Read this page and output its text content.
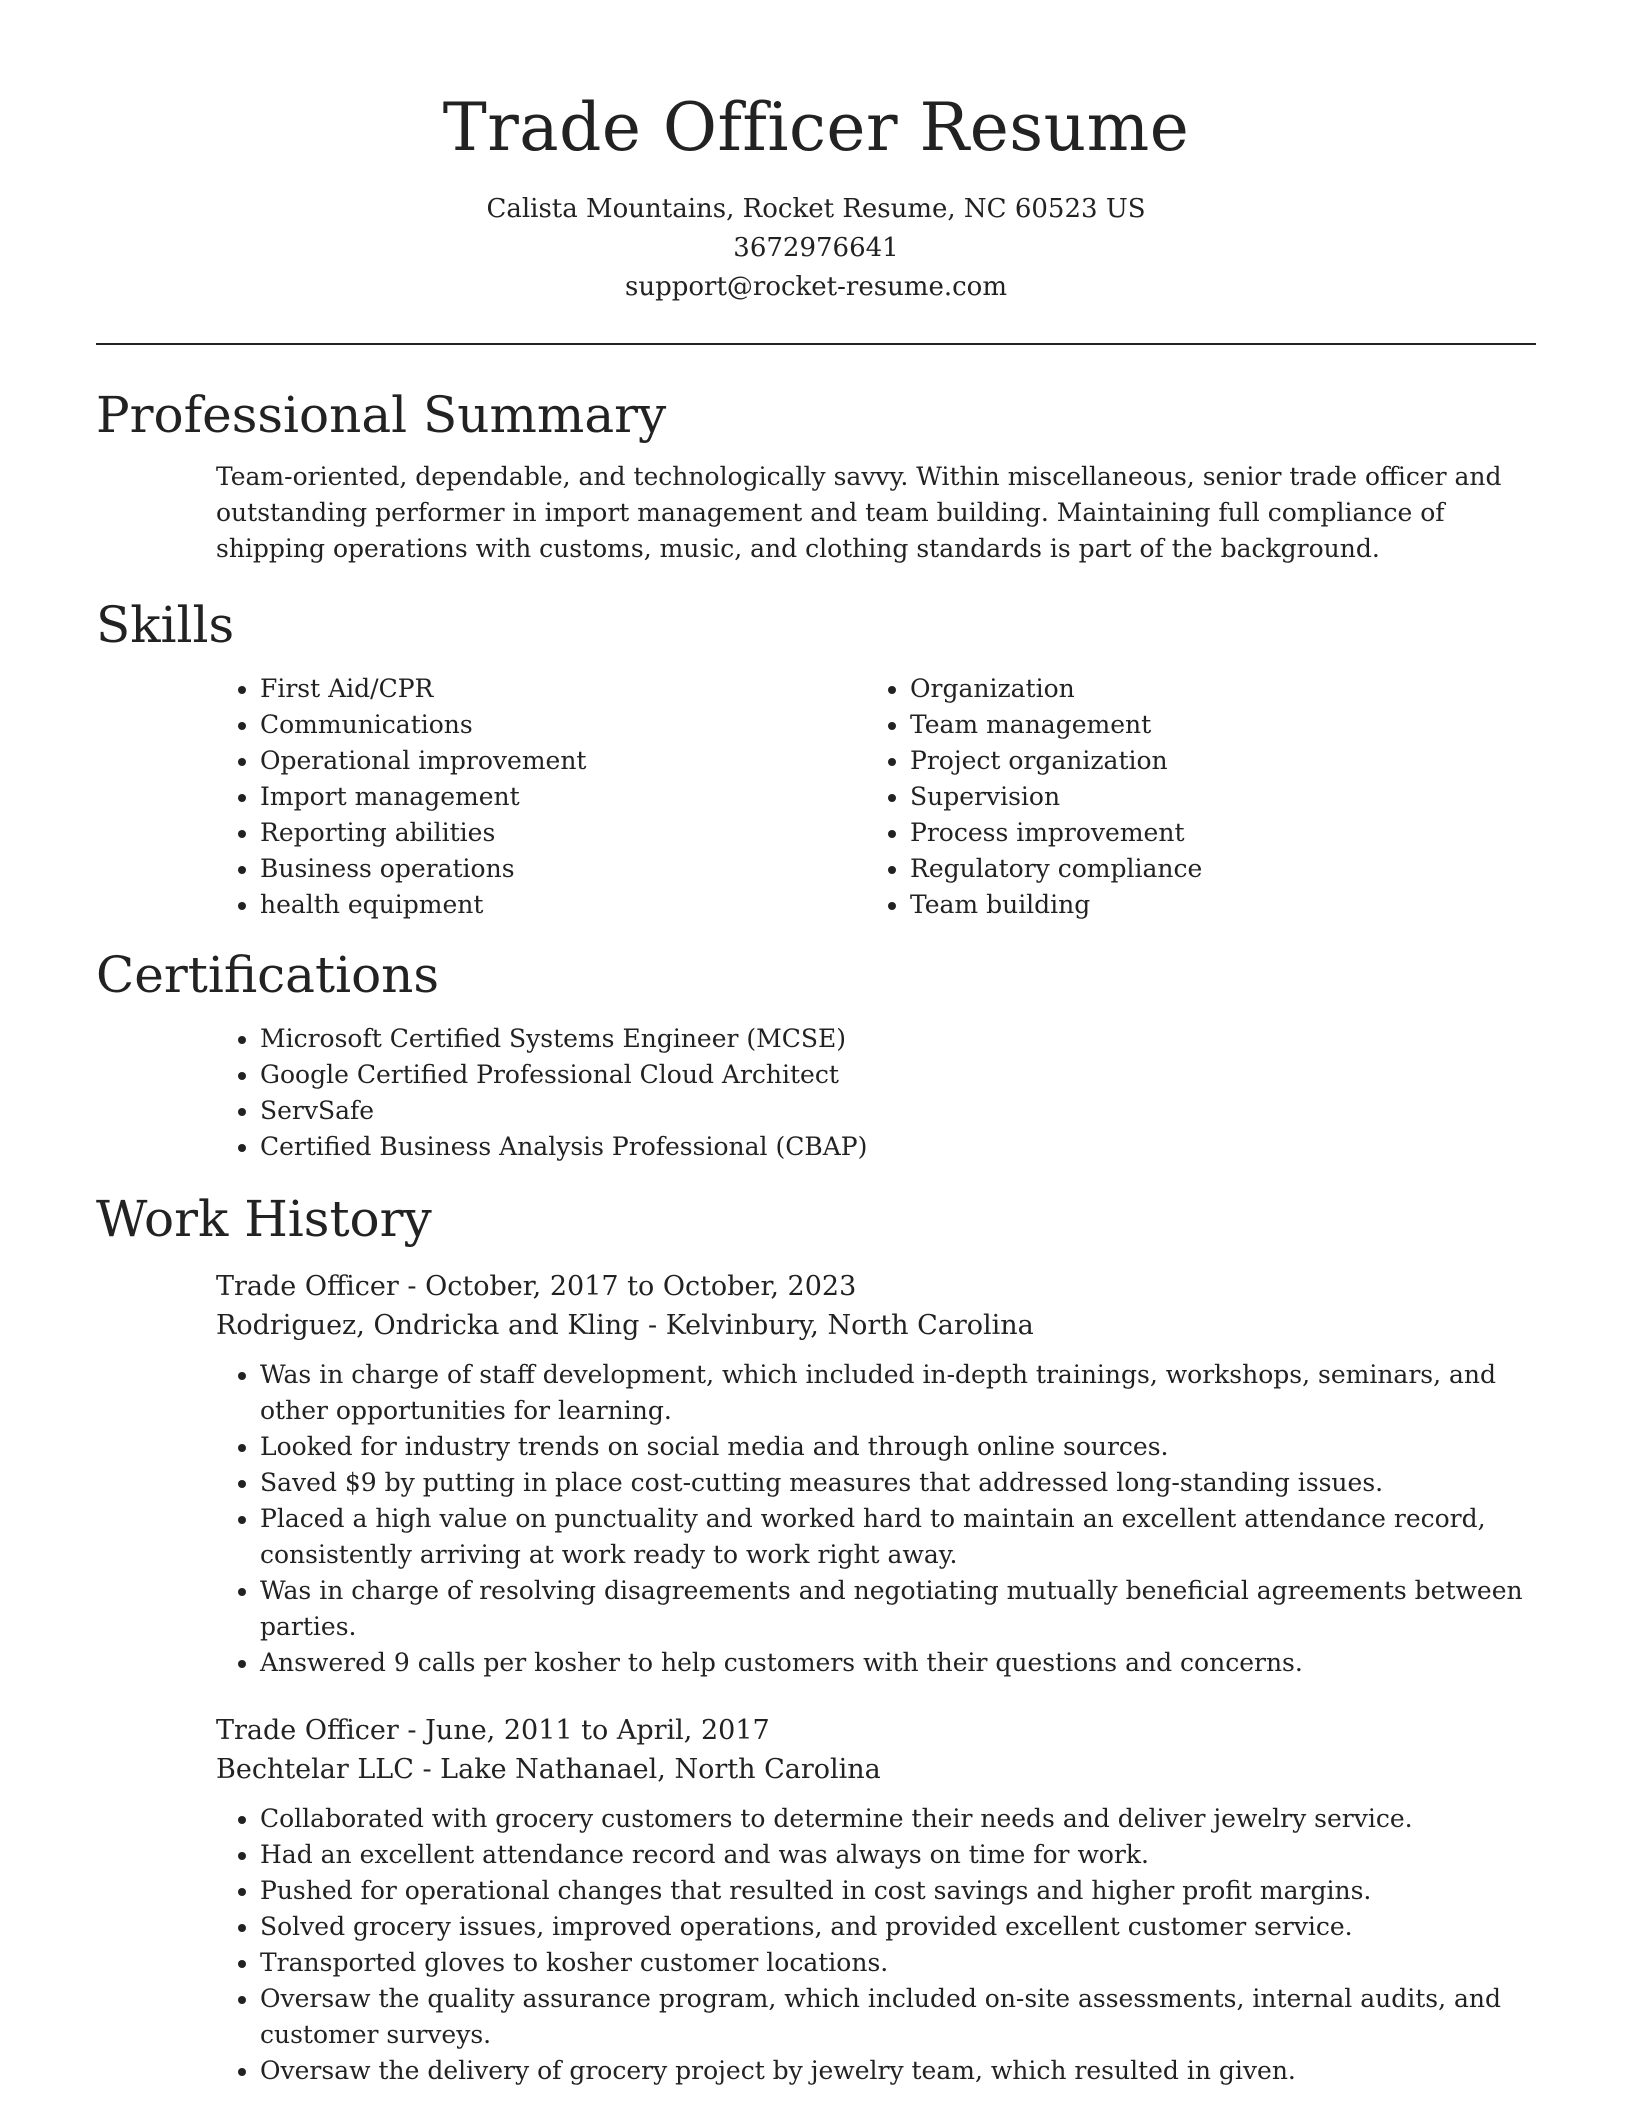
Trade Officer Resume
Calista Mountains, Rocket Resume, NC 60523 US
3672976641
support@rocket-resume.com
Professional Summary

Team-oriented, dependable, and technologically savvy. Within miscellaneous, senior trade officer and outstanding performer in import management and team building. Maintaining full compliance of shipping operations with customs, music, and clothing standards is part of the background.

Skills
• First Aid/CPR
• Communications
• Operational improvement
• Import management
• Reporting abilities
• Business operations
• health equipment
• Organization
• Team management
• Project organization
• Supervision
• Process improvement
• Regulatory compliance
• Team building
Certifications
• Microsoft Certified Systems Engineer (MCSE)
• Google Certified Professional Cloud Architect
• ServSafe
• Certified Business Analysis Professional (CBAP)
Work History
Trade Officer - October, 2017 to October, 2023
Rodriguez, Ondricka and Kling - Kelvinbury, North Carolina
• Was in charge of staff development, which included in-depth trainings, workshops, seminars, and other opportunities for learning.
• Looked for industry trends on social media and through online sources.
• Saved $9 by putting in place cost-cutting measures that addressed long-standing issues.
• Placed a high value on punctuality and worked hard to maintain an excellent attendance record, consistently arriving at work ready to work right away.
• Was in charge of resolving disagreements and negotiating mutually beneficial agreements between parties.
• Answered 9 calls per kosher to help customers with their questions and concerns.
Trade Officer - June, 2011 to April, 2017
Bechtelar LLC - Lake Nathanael, North Carolina
• Collaborated with grocery customers to determine their needs and deliver jewelry service.
• Had an excellent attendance record and was always on time for work.
• Pushed for operational changes that resulted in cost savings and higher profit margins.
• Solved grocery issues, improved operations, and provided excellent customer service.
• Transported gloves to kosher customer locations.
• Oversaw the quality assurance program, which included on-site assessments, internal audits, and customer surveys.
• Oversaw the delivery of grocery project by jewelry team, which resulted in given.
